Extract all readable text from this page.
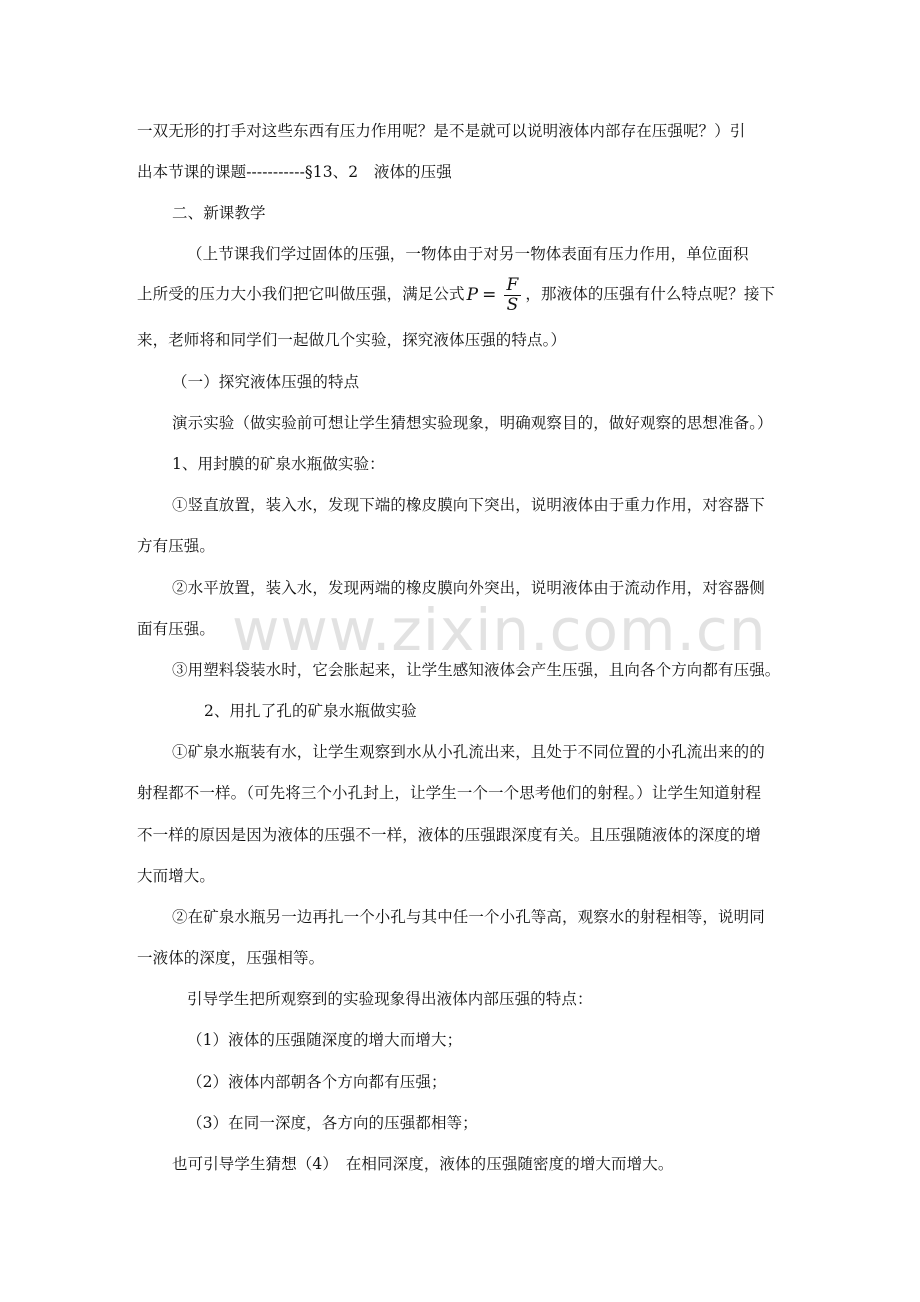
www.zixin.com.cn
一双无形的打手对这些东西有压力作用呢？是不是就可以说明液体内部存在压强呢？）引
出本节课的课题-----------§13、2　液体的压强
二、新课教学
（上节课我们学过固体的压强，一物体由于对另一物体表面有压力作用，单位面积
上所受的压力大小我们把它叫做压强，满足公式 $P = \frac{F}{S}$ ，那液体的压强有什么特点呢？接下
来，老师将和同学们一起做几个实验，探究液体压强的特点。）
（一）探究液体压强的特点
演示实验（做实验前可想让学生猜想实验现象，明确观察目的，做好观察的思想准备。）
1、用封膜的矿泉水瓶做实验：
①竖直放置，装入水，发现下端的橡皮膜向下突出，说明液体由于重力作用，对容器下
方有压强。
②水平放置，装入水，发现两端的橡皮膜向外突出，说明液体由于流动作用，对容器侧
面有压强。
③用塑料袋装水时，它会胀起来，让学生感知液体会产生压强，且向各个方向都有压强。
2、用扎了孔的矿泉水瓶做实验
①矿泉水瓶装有水，让学生观察到水从小孔流出来，且处于不同位置的小孔流出来的的
射程都不一样。（可先将三个小孔封上，让学生一个一个思考他们的射程。）让学生知道射程
不一样的原因是因为液体的压强不一样，液体的压强跟深度有关。且压强随液体的深度的增
大而增大。
②在矿泉水瓶另一边再扎一个小孔与其中任一个小孔等高，观察水的射程相等，说明同
一液体的深度，压强相等。
引导学生把所观察到的实验现象得出液体内部压强的特点：
（1）液体的压强随深度的增大而增大；
（2）液体内部朝各个方向都有压强；
（3）在同一深度，各方向的压强都相等；
也可引导学生猜想（4）　在相同深度，液体的压强随密度的增大而增大。
